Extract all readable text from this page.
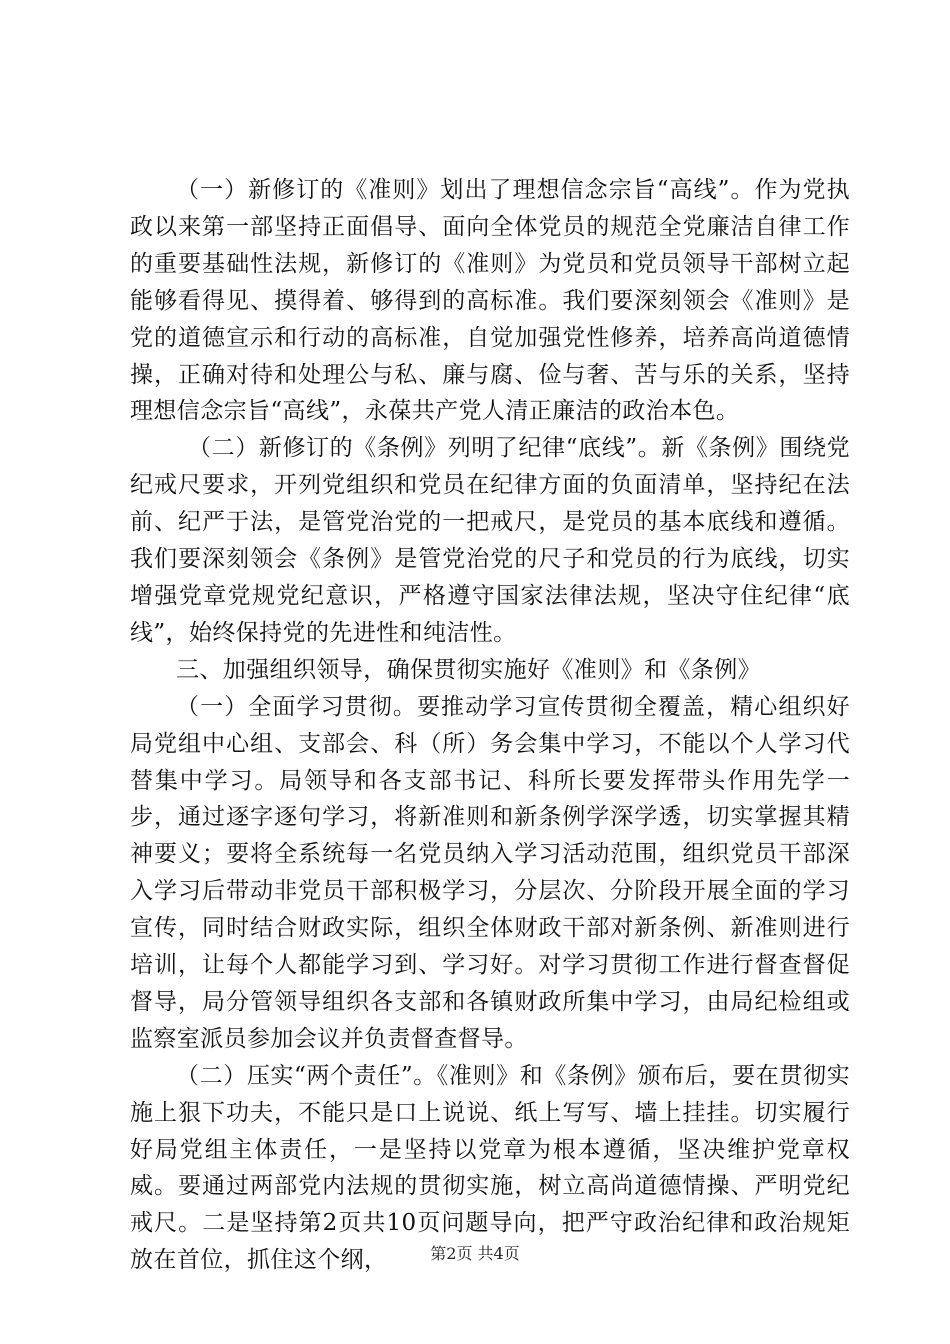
（一）新修订的《准则》划出了理想信念宗旨“高线”。作为党执政以来第一部坚持正面倡导、面向全体党员的规范全党廉洁自律工作的重要基础性法规，新修订的《准则》为党员和党员领导干部树立起能够看得见、摸得着、够得到的高标准。我们要深刻领会《准则》是党的道德宣示和行动的高标准，自觉加强党性修养，培养高尚道德情操，正确对待和处理公与私、廉与腐、俭与奢、苦与乐的关系，坚持理想信念宗旨“高线”，永葆共产党人清正廉洁的政治本色。

（二）新修订的《条例》列明了纪律“底线”。新《条例》围绕党纪戒尺要求，开列党组织和党员在纪律方面的负面清单，坚持纪在法前、纪严于法，是管党治党的一把戒尺，是党员的基本底线和遵循。我们要深刻领会《条例》是管党治党的尺子和党员的行为底线，切实增强党章党规党纪意识，严格遵守国家法律法规，坚决守住纪律“底线”，始终保持党的先进性和纯洁性。

三、加强组织领导，确保贯彻实施好《准则》和《条例》

（一）全面学习贯彻。要推动学习宣传贯彻全覆盖，精心组织好局党组中心组、支部会、科（所）务会集中学习，不能以个人学习代替集中学习。局领导和各支部书记、科所长要发挥带头作用先学一步，通过逐字逐句学习，将新准则和新条例学深学透，切实掌握其精神要义；要将全系统每一名党员纳入学习活动范围，组织党员干部深入学习后带动非党员干部积极学习，分层次、分阶段开展全面的学习宣传，同时结合财政实际，组织全体财政干部对新条例、新准则进行培训，让每个人都能学习到、学习好。对学习贯彻工作进行督查督促督导，局分管领导组织各支部和各镇财政所集中学习，由局纪检组或监察室派员参加会议并负责督查督导。

（二）压实“两个责任”。《准则》和《条例》颁布后，要在贯彻实施上狠下功夫，不能只是口上说说、纸上写写、墙上挂挂。切实履行好局党组主体责任，一是坚持以党章为根本遵循，坚决维护党章权威。要通过两部党内法规的贯彻实施，树立高尚道德情操、严明党纪戒尺。二是坚持第2页共10页问题导向，把严守政治纪律和政治规矩放在首位，抓住这个纲，	第2页 共4页
